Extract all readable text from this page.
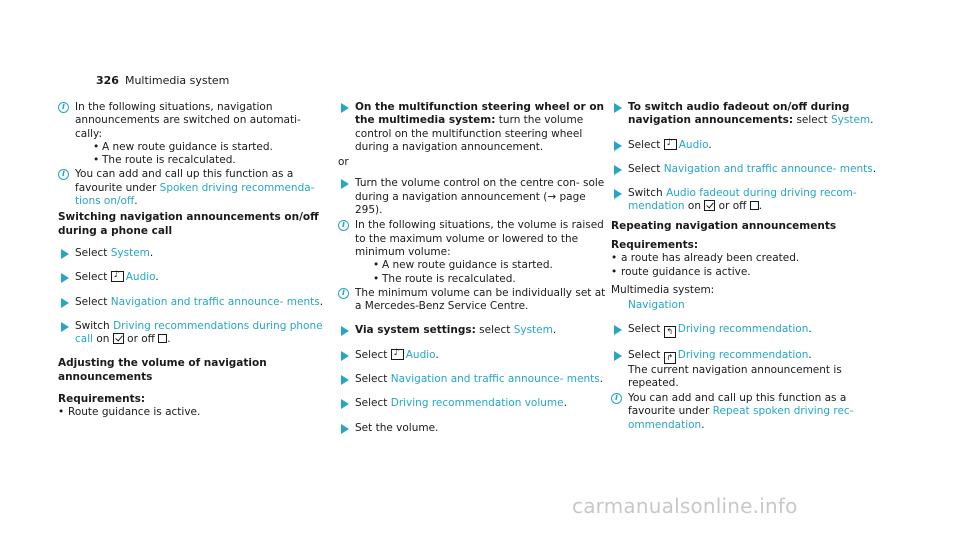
326 Multimedia system
i
In the following situations, navigation announcements are switched on automati‐ cally:
• A new route guidance is started.
• The route is recalculated.
i
You can add and call up this function as a favourite under Spoken driving recommenda‐ tions on/off.
Switching navigation announcements on/off during a phone call
Select System.
Select ♪Audio.
Select Navigation and traffic announce‐ ments.
Switch Driving recommendations during phone call on  or off .
Adjusting the volume of navigation announcements
Requirements:
• Route guidance is active.
On the multifunction steering wheel or on the multimedia system: turn the volume control on the multifunction steering wheel during a navigation announcement.
or
Turn the volume control on the centre con‐ sole during a navigation announcement (→ page 295).
i
In the following situations, the volume is raised to the maximum volume or lowered to the minimum volume:
• A new route guidance is started.
• The route is recalculated.
i
The minimum volume can be individually set at a Mercedes-Benz Service Centre.
Via system settings: select System.
Select ♪Audio.
Select Navigation and traffic announce‐ ments.
Select Driving recommendation volume.
Set the volume.
To switch audio fadeout on/off during navigation announcements: select System.
Select ♪Audio.
Select Navigation and traffic announce‐ ments.
Switch Audio fadeout during driving recom‐ mendation on  or off .
Repeating navigation announcements
Requirements:
• a route has already been created.
• route guidance is active.
Multimedia system:
Navigation
Select ↰ Driving recommendation.
Select ↱ Driving recommendation.
The current navigation announcement is repeated.
i
You can add and call up this function as a favourite under Repeat spoken driving rec‐ ommendation.
carmanualsonline.info
